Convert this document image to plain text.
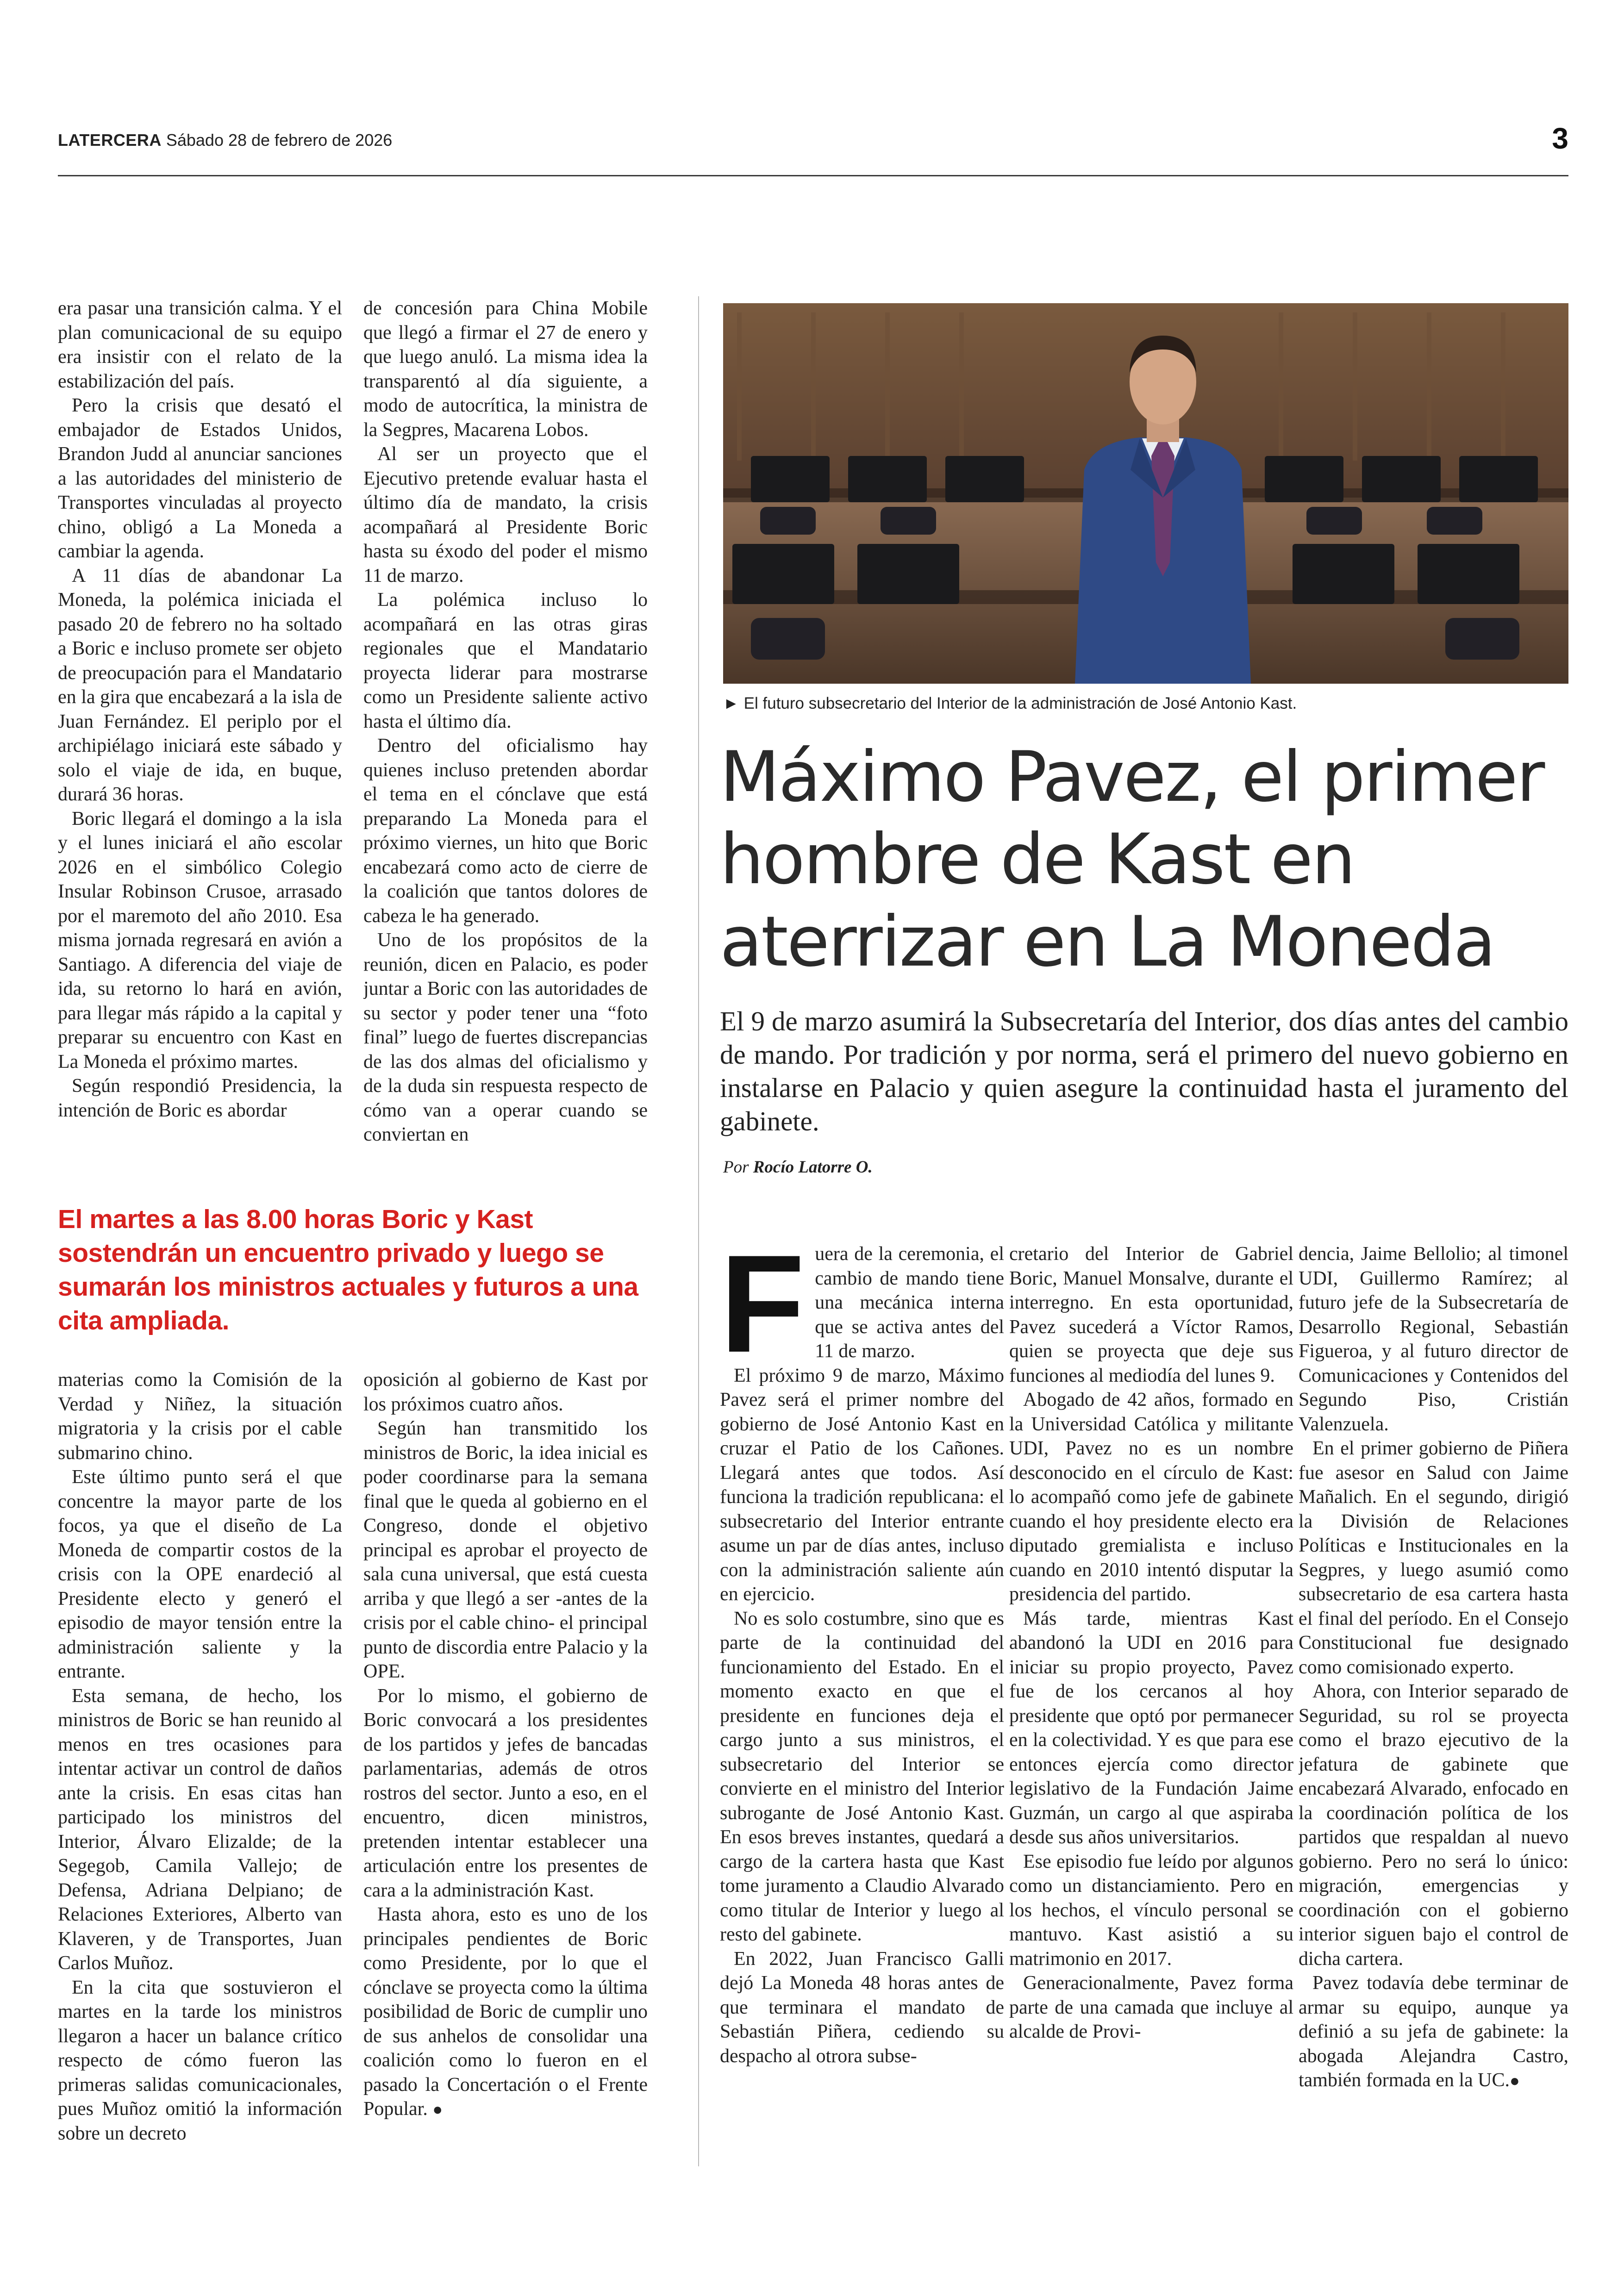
LATERCERA Sábado 28 de febrero de 2026	3

era pasar una transición calma. Y el plan comunicacional de su equipo era insistir con el relato de la estabilización del país.

Pero la crisis que desató el embajador de Estados Unidos, Brandon Judd al anunciar sanciones a las autoridades del ministerio de Transportes vinculadas al proyecto chino, obligó a La Moneda a cambiar la agenda.

A 11 días de abandonar La Moneda, la polémica iniciada el pasado 20 de febrero no ha soltado a Boric e incluso promete ser objeto de preocupación para el Mandatario en la gira que encabezará a la isla de Juan Fernández. El periplo por el archipiélago iniciará este sábado y solo el viaje de ida, en buque, durará 36 horas.

Boric llegará el domingo a la isla y el lunes iniciará el año escolar 2026 en el simbólico Colegio Insular Robinson Crusoe, arrasado por el maremoto del año 2010. Esa misma jornada regresará en avión a Santiago. A diferencia del viaje de ida, su retorno lo hará en avión, para llegar más rápido a la capital y preparar su encuentro con Kast en La Moneda el próximo martes.

Según respondió Presidencia, la intención de Boric es abordar

de concesión para China Mobile que llegó a firmar el 27 de enero y que luego anuló. La misma idea la transparentó al día siguiente, a modo de autocrítica, la ministra de la Segpres, Macarena Lobos.

Al ser un proyecto que el Ejecutivo pretende evaluar hasta el último día de mandato, la crisis acompañará al Presidente Boric hasta su éxodo del poder el mismo 11 de marzo.

La polémica incluso lo acompañará en las otras giras regionales que el Mandatario proyecta liderar para mostrarse como un Presidente saliente activo hasta el último día.

Dentro del oficialismo hay quienes incluso pretenden abordar el tema en el cónclave que está preparando La Moneda para el próximo viernes, un hito que Boric encabezará como acto de cierre de la coalición que tantos dolores de cabeza le ha generado.

Uno de los propósitos de la reunión, dicen en Palacio, es poder juntar a Boric con las autoridades de su sector y poder tener una “foto final” luego de fuertes discrepancias de las dos almas del oficialismo y de la duda sin respuesta respecto de cómo van a operar cuando se conviertan en

El martes a las 8.00 horas Boric y Kast sostendrán un encuentro privado y luego se sumarán los ministros actuales y futuros a una cita ampliada.

materias como la Comisión de la Verdad y Niñez, la situación migratoria y la crisis por el cable submarino chino.

Este último punto será el que concentre la mayor parte de los focos, ya que el diseño de La Moneda de compartir costos de la crisis con la OPE enardeció al Presidente electo y generó el episodio de mayor tensión entre la administración saliente y la entrante.

Esta semana, de hecho, los ministros de Boric se han reunido al menos en tres ocasiones para intentar activar un control de daños ante la crisis. En esas citas han participado los ministros del Interior, Álvaro Elizalde; de la Segegob, Camila Vallejo; de Defensa, Adriana Delpiano; de Relaciones Exteriores, Alberto van Klaveren, y de Transportes, Juan Carlos Muñoz.

En la cita que sostuvieron el martes en la tarde los ministros llegaron a hacer un balance crítico respecto de cómo fueron las primeras salidas comunicacionales, pues Muñoz omitió la información sobre un decreto

oposición al gobierno de Kast por los próximos cuatro años.

Según han transmitido los ministros de Boric, la idea inicial es poder coordinarse para la semana final que le queda al gobierno en el Congreso, donde el objetivo principal es aprobar el proyecto de sala cuna universal, que está cuesta arriba y que llegó a ser -antes de la crisis por el cable chino- el principal punto de discordia entre Palacio y la OPE.

Por lo mismo, el gobierno de Boric convocará a los presidentes de los partidos y jefes de bancadas parlamentarias, además de otros rostros del sector. Junto a eso, en el encuentro, dicen ministros, pretenden intentar establecer una articulación entre los presentes de cara a la administración Kast.

Hasta ahora, esto es uno de los principales pendientes de Boric como Presidente, por lo que el cónclave se proyecta como la última posibilidad de Boric de cumplir uno de sus anhelos de consolidar una coalición como lo fueron en el pasado la Concertación o el Frente Popular. ●

► El futuro subsecretario del Interior de la administración de José Antonio Kast.
Máximo Pavez, el primer hombre de Kast en aterrizar en La Moneda
El 9 de marzo asumirá la Subsecretaría del Interior, dos días antes del cambio de mando. Por tradición y por norma, será el primero del nuevo gobierno en instalarse en Palacio y quien asegure la continuidad hasta el juramento del gabinete.
Por Rocío Latorre O.

Fuera de la ceremonia, el cambio de mando tiene una mecánica interna que se activa antes del 11 de marzo.

El próximo 9 de marzo, Máximo Pavez será el primer nombre del gobierno de José Antonio Kast en cruzar el Patio de los Cañones. Llegará antes que todos. Así funciona la tradición republicana: el subsecretario del Interior entrante asume un par de días antes, incluso con la administración saliente aún en ejercicio.

No es solo costumbre, sino que es parte de la continuidad del funcionamiento del Estado. En el momento exacto en que el presidente en funciones deja el cargo junto a sus ministros, el subsecretario del Interior se convierte en el ministro del Interior subrogante de José Antonio Kast. En esos breves instantes, quedará a cargo de la cartera hasta que Kast tome juramento a Claudio Alvarado como titular de Interior y luego al resto del gabinete.

En 2022, Juan Francisco Galli dejó La Moneda 48 horas antes de que terminara el mandato de Sebastián Piñera, cediendo su despacho al otrora subse-

cretario del Interior de Gabriel Boric, Manuel Monsalve, durante el interregno. En esta oportunidad, Pavez sucederá a Víctor Ramos, quien se proyecta que deje sus funciones al mediodía del lunes 9.

Abogado de 42 años, formado en la Universidad Católica y militante UDI, Pavez no es un nombre desconocido en el círculo de Kast: lo acompañó como jefe de gabinete cuando el hoy presidente electo era diputado gremialista e incluso cuando en 2010 intentó disputar la presidencia del partido.

Más tarde, mientras Kast abandonó la UDI en 2016 para iniciar su propio proyecto, Pavez fue de los cercanos al hoy presidente que optó por permanecer en la colectividad. Y es que para ese entonces ejercía como director legislativo de la Fundación Jaime Guzmán, un cargo al que aspiraba desde sus años universitarios.

Ese episodio fue leído por algunos como un distanciamiento. Pero en los hechos, el vínculo personal se mantuvo. Kast asistió a su matrimonio en 2017.

Generacionalmente, Pavez forma parte de una camada que incluye al alcalde de Provi-

dencia, Jaime Bellolio; al timonel UDI, Guillermo Ramírez; al futuro jefe de la Subsecretaría de Desarrollo Regional, Sebastián Figueroa, y al futuro director de Comunicaciones y Contenidos del Segundo Piso, Cristián Valenzuela.

En el primer gobierno de Piñera fue asesor en Salud con Jaime Mañalich. En el segundo, dirigió la División de Relaciones Políticas e Institucionales en la Segpres, y luego asumió como subsecretario de esa cartera hasta el final del período. En el Consejo Constitucional fue designado como comisionado experto.

Ahora, con Interior separado de Seguridad, su rol se proyecta como el brazo ejecutivo de la jefatura de gabinete que encabezará Alvarado, enfocado en la coordinación política de los partidos que respaldan al nuevo gobierno. Pero no será lo único: migración, emergencias y coordinación con el gobierno interior siguen bajo el control de dicha cartera.

Pavez todavía debe terminar de armar su equipo, aunque ya definió a su jefa de gabinete: la abogada Alejandra Castro, también formada en la UC.●
